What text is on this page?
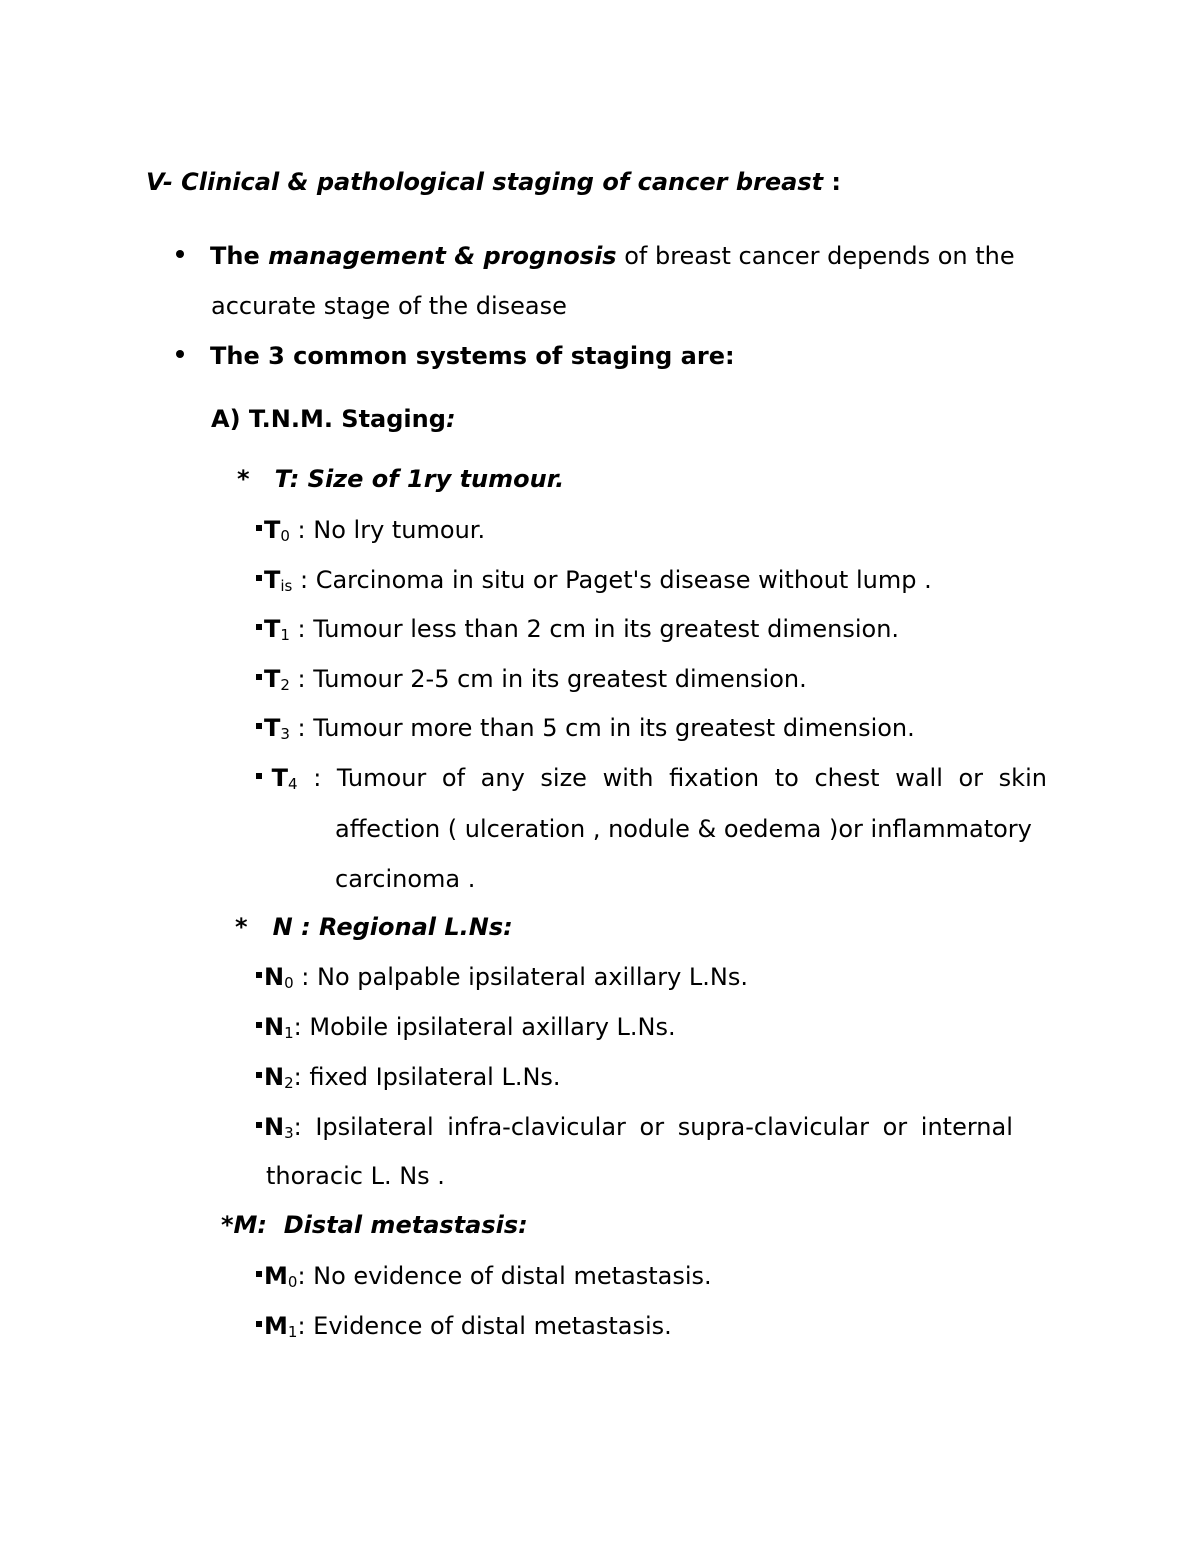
V- Clinical & pathological staging of cancer breast :
The management & prognosis of breast cancer depends on the
accurate stage of the disease
The 3 common systems of staging are:
A) T.N.M. Staging:
* T: Size of 1ry tumour.
$T_0$ : No lry tumour.
$T_{is}$ : Carcinoma in situ or Paget's disease without lump .
$T_1$ : Tumour less than 2 cm in its greatest dimension.
$T_2$ : Tumour 2-5 cm in its greatest dimension.
$T_3$ : Tumour more than 5 cm in its greatest dimension.
$T_4$ : Tumour of any size with fixation to chest wall or skin
affection ( ulceration , nodule & oedema )or inflammatory
carcinoma .
* N : Regional L.Ns:
$N_0$ : No palpable ipsilateral axillary L.Ns.
$N_1$: Mobile ipsilateral axillary L.Ns.
$N_2$: fixed Ipsilateral L.Ns.
$N_3$: Ipsilateral infra-clavicular or supra-clavicular or internal
thoracic L. Ns .
*M: Distal metastasis:
$M_0$: No evidence of distal metastasis.
$M_1$: Evidence of distal metastasis.
